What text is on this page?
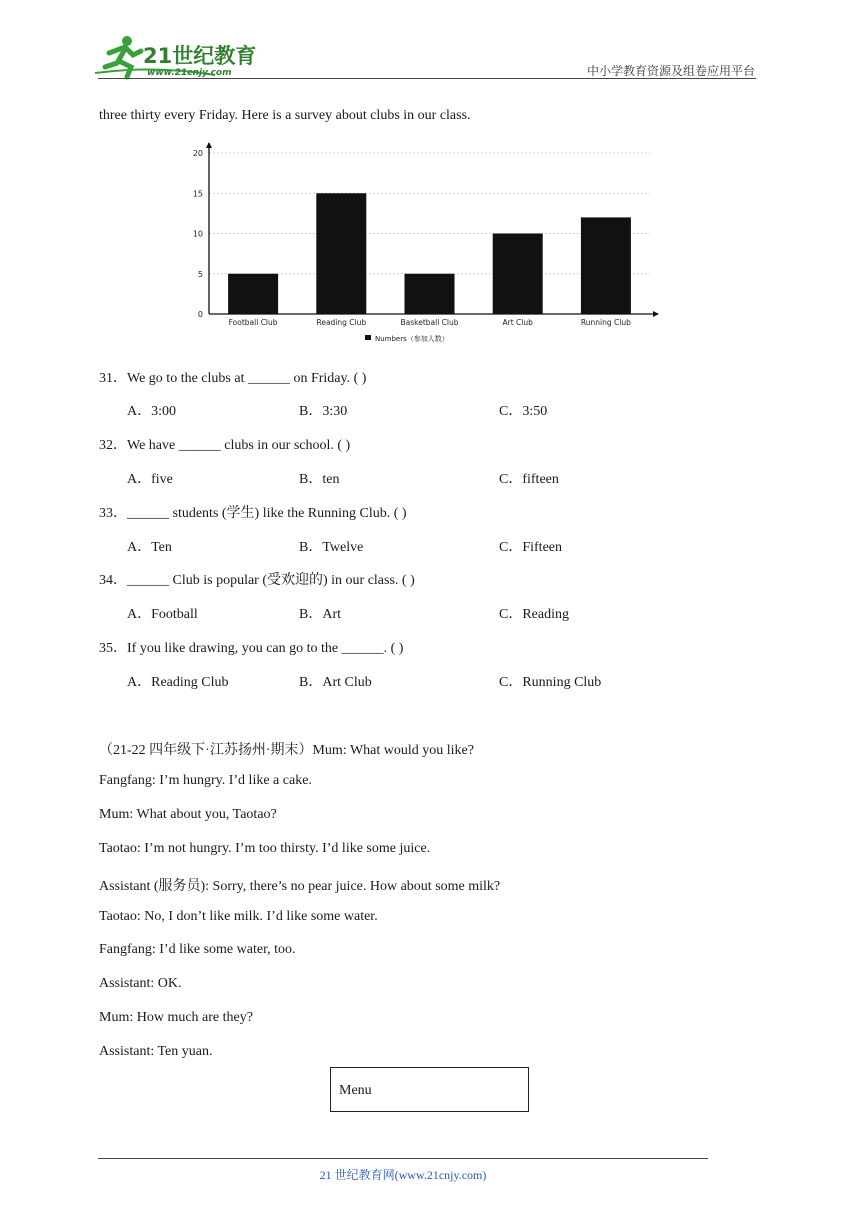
21世纪教育
www.21cnjy.com	中小学教育资源及组卷应用平台
three thirty every Friday. Here is a survey about clubs in our class.
0
5
10
15
20
Football Club	Reading Club	Basketball Club	Art Club	Running Club
Numbers（参加人数）
31．We go to the clubs at ______ on Friday. ( )
A．3:00	B．3:30	C．3:50
32．We have ______ clubs in our school. ( )
A．five	B．ten	C．fifteen
33．______ students (学生) like the Running Club. ( )
A．Ten	B．Twelve	C．Fifteen
34．______ Club is popular (受欢迎的) in our class. ( )
A．Football	B．Art	C．Reading
35．If you like drawing, you can go to the ______. ( )
A．Reading Club	B．Art Club	C．Running Club
（21-22 四年级下·江苏扬州·期末）Mum: What would you like?
Fangfang: I’m hungry. I’d like a cake.
Mum: What about you, Taotao?
Taotao: I’m not hungry. I’m too thirsty. I’d like some juice.
Assistant (服务员): Sorry, there’s no pear juice. How about some milk?
Taotao: No, I don’t like milk. I’d like some water.
Fangfang: I’d like some water, too.
Assistant: OK.
Mum: How much are they?
Assistant: Ten yuan.
Menu
21 世纪教育网(www.21cnjy.com)
